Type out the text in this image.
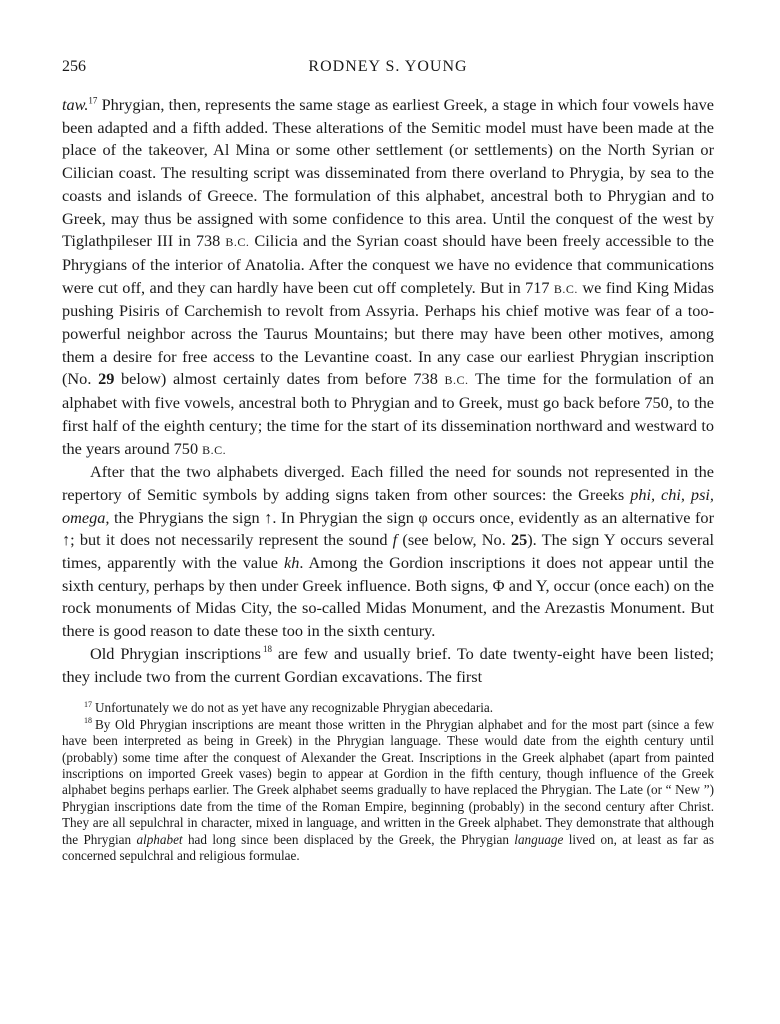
256	RODNEY S. YOUNG

taw.$^{17}$ Phrygian, then, represents the same stage as earliest Greek, a stage in which four vowels have been adapted and a fifth added. These alterations of the Semitic model must have been made at the place of the takeover, Al Mina or some other settlement (or settlements) on the North Syrian or Cilician coast. The resulting script was disseminated from there overland to Phrygia, by sea to the coasts and islands of Greece. The formulation of this alphabet, ancestral both to Phrygian and to Greek, may thus be assigned with some confidence to this area. Until the conquest of the west by Tiglathpileser III in 738 B.C. Cilicia and the Syrian coast should have been freely accessible to the Phrygians of the interior of Anatolia. After the conquest we have no evidence that communications were cut off, and they can hardly have been cut off completely. But in 717 B.C. we find King Midas pushing Pisiris of Carchemish to revolt from Assyria. Perhaps his chief motive was fear of a too-powerful neighbor across the Taurus Mountains; but there may have been other motives, among them a desire for free access to the Levantine coast. In any case our earliest Phrygian inscription (No. 29 below) almost certainly dates from before 738 B.C. The time for the formulation of an alphabet with five vowels, ancestral both to Phrygian and to Greek, must go back before 750, to the first half of the eighth century; the time for the start of its dissemination northward and westward to the years around 750 B.C.

After that the two alphabets diverged. Each filled the need for sounds not represented in the repertory of Semitic symbols by adding signs taken from other sources: the Greeks phi, chi, psi, omega, the Phrygians the sign ↑. In Phrygian the sign φ occurs once, evidently as an alternative for ↑; but it does not necessarily represent the sound f (see below, No. 25). The sign Y occurs several times, apparently with the value kh. Among the Gordion inscriptions it does not appear until the sixth century, perhaps by then under Greek influence. Both signs, Φ and Y, occur (once each) on the rock monuments of Midas City, the so-called Midas Monument, and the Arezastis Monument. But there is good reason to date these too in the sixth century.

Old Phrygian inscriptions $^{18}$ are few and usually brief. To date twenty-eight have been listed; they include two from the current Gordian excavations. The first

$^{17}$ Unfortunately we do not as yet have any recognizable Phrygian abecedaria.

$^{18}$ By Old Phrygian inscriptions are meant those written in the Phrygian alphabet and for the most part (since a few have been interpreted as being in Greek) in the Phrygian language. These would date from the eighth century until (probably) some time after the conquest of Alexander the Great. Inscriptions in the Greek alphabet (apart from painted inscriptions on imported Greek vases) begin to appear at Gordion in the fifth century, though influence of the Greek alphabet begins perhaps earlier. The Greek alphabet seems gradually to have replaced the Phrygian. The Late (or “ New ”) Phrygian inscriptions date from the time of the Roman Empire, beginning (probably) in the second century after Christ. They are all sepulchral in character, mixed in language, and written in the Greek alphabet. They demonstrate that although the Phrygian alphabet had long since been displaced by the Greek, the Phrygian language lived on, at least as far as concerned sepulchral and religious formulae.
